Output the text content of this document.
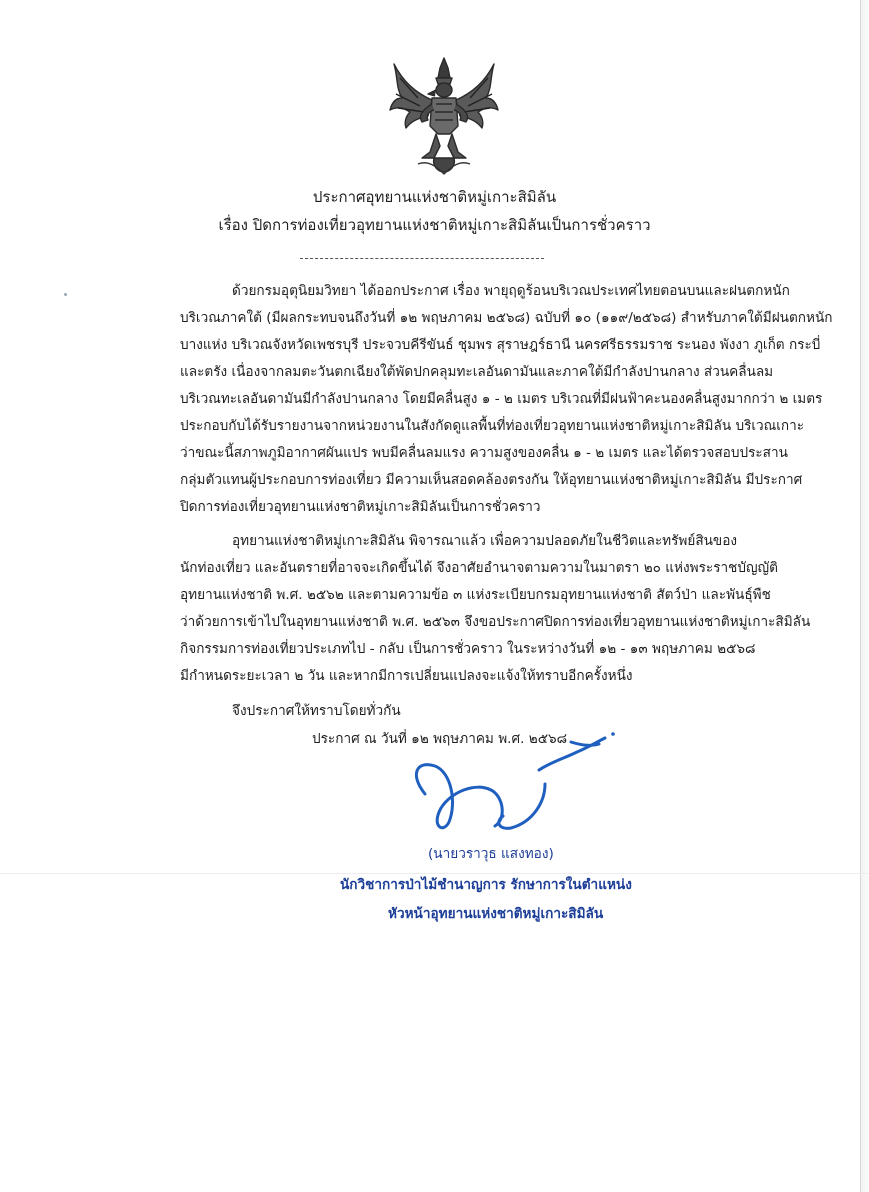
ประกาศอุทยานแห่งชาติหมู่เกาะสิมิลัน
เรื่อง ปิดการท่องเที่ยวอุทยานแห่งชาติหมู่เกาะสิมิลันเป็นการชั่วคราว
ด้วยกรมอุตุนิยมวิทยา ได้ออกประกาศ เรื่อง พายุฤดูร้อนบริเวณประเทศไทยตอนบนและฝนตกหนัก
บริเวณภาคใต้ (มีผลกระทบจนถึงวันที่ ๑๒ พฤษภาคม ๒๕๖๘) ฉบับที่ ๑๐ (๑๑๙/๒๕๖๘) สำหรับภาคใต้มีฝนตกหนัก
บางแห่ง บริเวณจังหวัดเพชรบุรี ประจวบคีรีขันธ์ ชุมพร สุราษฎร์ธานี นครศรีธรรมราช ระนอง พังงา ภูเก็ต กระบี่
และตรัง เนื่องจากลมตะวันตกเฉียงใต้พัดปกคลุมทะเลอันดามันและภาคใต้มีกำลังปานกลาง ส่วนคลื่นลม
บริเวณทะเลอันดามันมีกำลังปานกลาง โดยมีคลื่นสูง ๑ - ๒ เมตร บริเวณที่มีฝนฟ้าคะนองคลื่นสูงมากกว่า ๒ เมตร
ประกอบกับได้รับรายงานจากหน่วยงานในสังกัดดูแลพื้นที่ท่องเที่ยวอุทยานแห่งชาติหมู่เกาะสิมิลัน บริเวณเกาะ
ว่าขณะนี้สภาพภูมิอากาศผันแปร พบมีคลื่นลมแรง ความสูงของคลื่น ๑ - ๒ เมตร และได้ตรวจสอบประสาน
กลุ่มตัวแทนผู้ประกอบการท่องเที่ยว มีความเห็นสอดคล้องตรงกัน ให้อุทยานแห่งชาติหมู่เกาะสิมิลัน มีประกาศ
ปิดการท่องเที่ยวอุทยานแห่งชาติหมู่เกาะสิมิลันเป็นการชั่วคราว
อุทยานแห่งชาติหมู่เกาะสิมิลัน พิจารณาแล้ว เพื่อความปลอดภัยในชีวิตและทรัพย์สินของ
นักท่องเที่ยว และอันตรายที่อาจจะเกิดขึ้นได้ จึงอาศัยอำนาจตามความในมาตรา ๒๐ แห่งพระราชบัญญัติ
อุทยานแห่งชาติ พ.ศ. ๒๕๖๒ และตามความข้อ ๓ แห่งระเบียบกรมอุทยานแห่งชาติ สัตว์ป่า และพันธุ์พืช
ว่าด้วยการเข้าไปในอุทยานแห่งชาติ พ.ศ. ๒๕๖๓ จึงขอประกาศปิดการท่องเที่ยวอุทยานแห่งชาติหมู่เกาะสิมิลัน
กิจกรรมการท่องเที่ยวประเภทไป - กลับ เป็นการชั่วคราว ในระหว่างวันที่ ๑๒ - ๑๓ พฤษภาคม ๒๕๖๘
มีกำหนดระยะเวลา ๒ วัน และหากมีการเปลี่ยนแปลงจะแจ้งให้ทราบอีกครั้งหนึ่ง
จึงประกาศให้ทราบโดยทั่วกัน
ประกาศ ณ วันที่ ๑๒ พฤษภาคม พ.ศ. ๒๕๖๘
(นายวราวุธ แสงทอง)
นักวิชาการป่าไม้ชำนาญการ รักษาการในตำแหน่ง
หัวหน้าอุทยานแห่งชาติหมู่เกาะสิมิลัน
